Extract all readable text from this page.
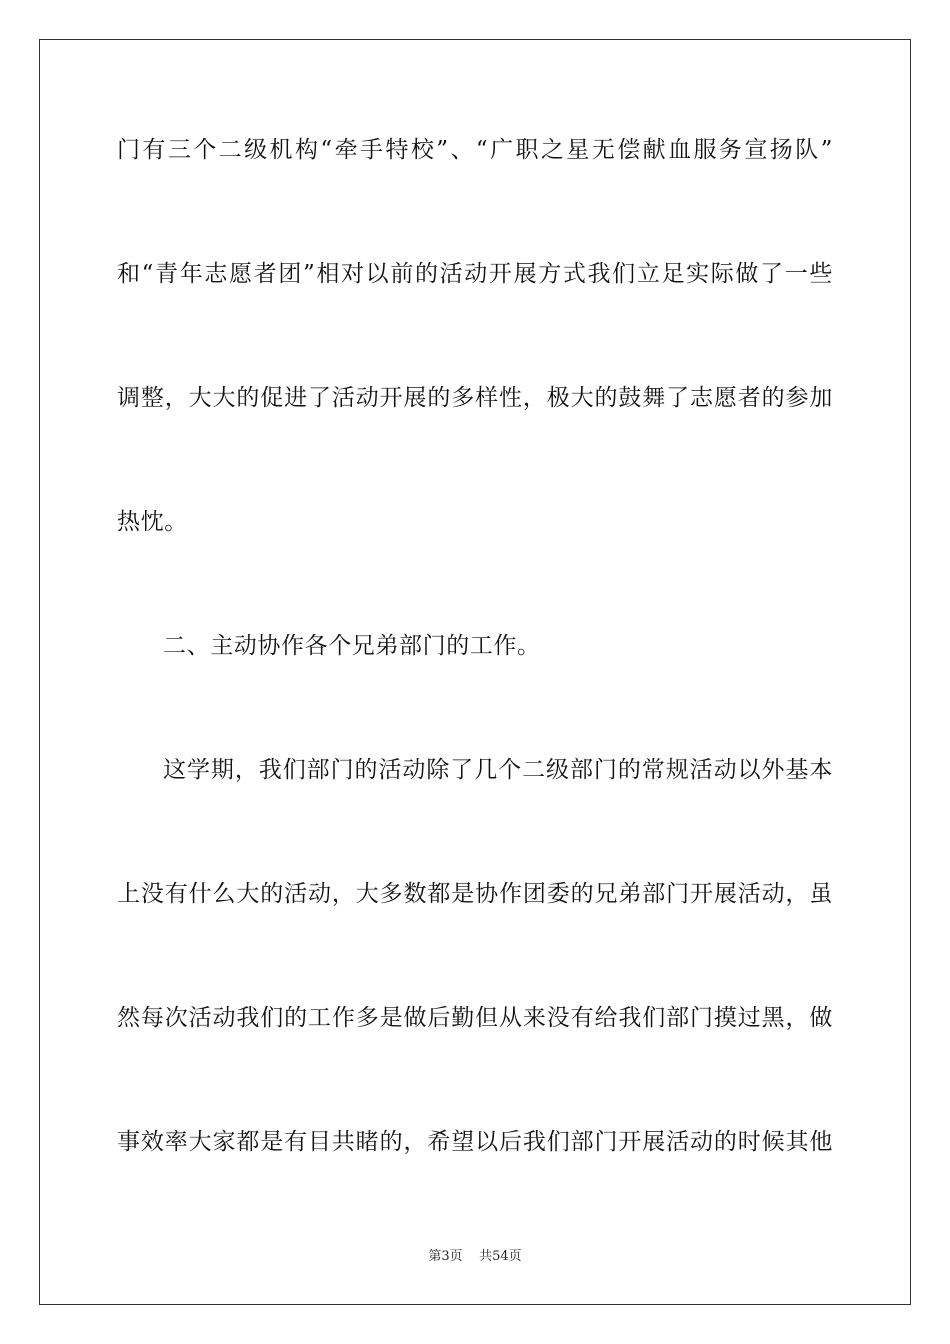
门有三个二级机构“牵手特校”、“广职之星无偿献血服务宣扬队”
和“青年志愿者团”相对以前的活动开展方式我们立足实际做了一些
调整，大大的促进了活动开展的多样性，极大的鼓舞了志愿者的参加
热忱。
二、主动协作各个兄弟部门的工作。
这学期，我们部门的活动除了几个二级部门的常规活动以外基本
上没有什么大的活动，大多数都是协作团委的兄弟部门开展活动，虽
然每次活动我们的工作多是做后勤但从来没有给我们部门摸过黑，做
事效率大家都是有目共睹的，希望以后我们部门开展活动的时候其他
第3页 共54页
